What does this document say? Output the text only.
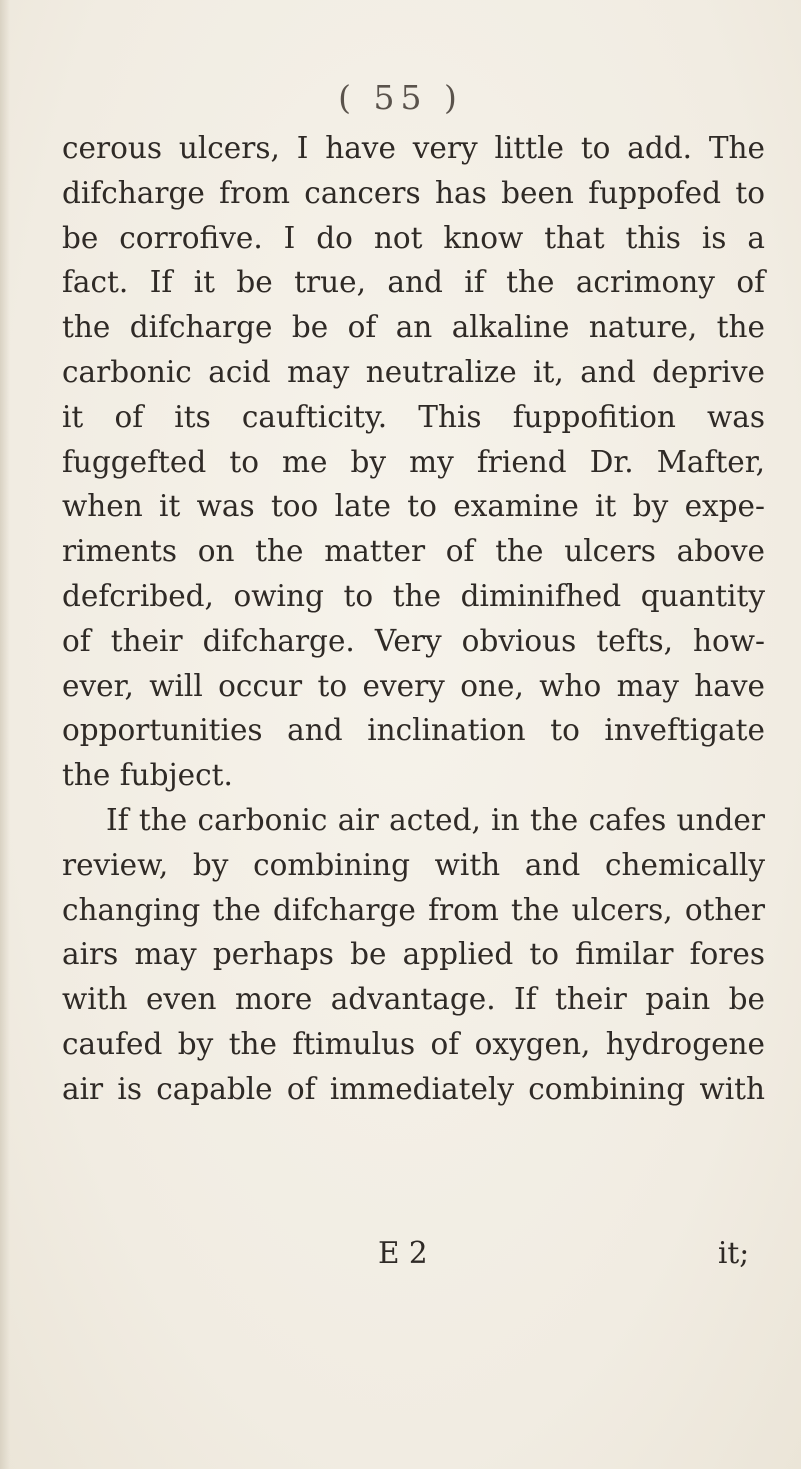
( 55 )
cerous ulcers, I have very little to add. The
difcharge from cancers has been fuppofed to
be corrofive. I do not know that this is a
fact. If it be true, and if the acrimony of
the difcharge be of an alkaline nature, the
carbonic acid may neutralize it, and deprive
it of its caufticity. This fuppofition was
fuggefted to me by my friend Dr. Mafter,
when it was too late to examine it by expe-
riments on the matter of the ulcers above
defcribed, owing to the diminifhed quantity
of their difcharge. Very obvious tefts, how-
ever, will occur to every one, who may have
opportunities and inclination to inveftigate
the fubject.
If the carbonic air acted, in the cafes under
review, by combining with and chemically
changing the difcharge from the ulcers, other
airs may perhaps be applied to fimilar fores
with even more advantage. If their pain be
caufed by the ftimulus of oxygen, hydrogene
air is capable of immediately combining with
E 2	it;
